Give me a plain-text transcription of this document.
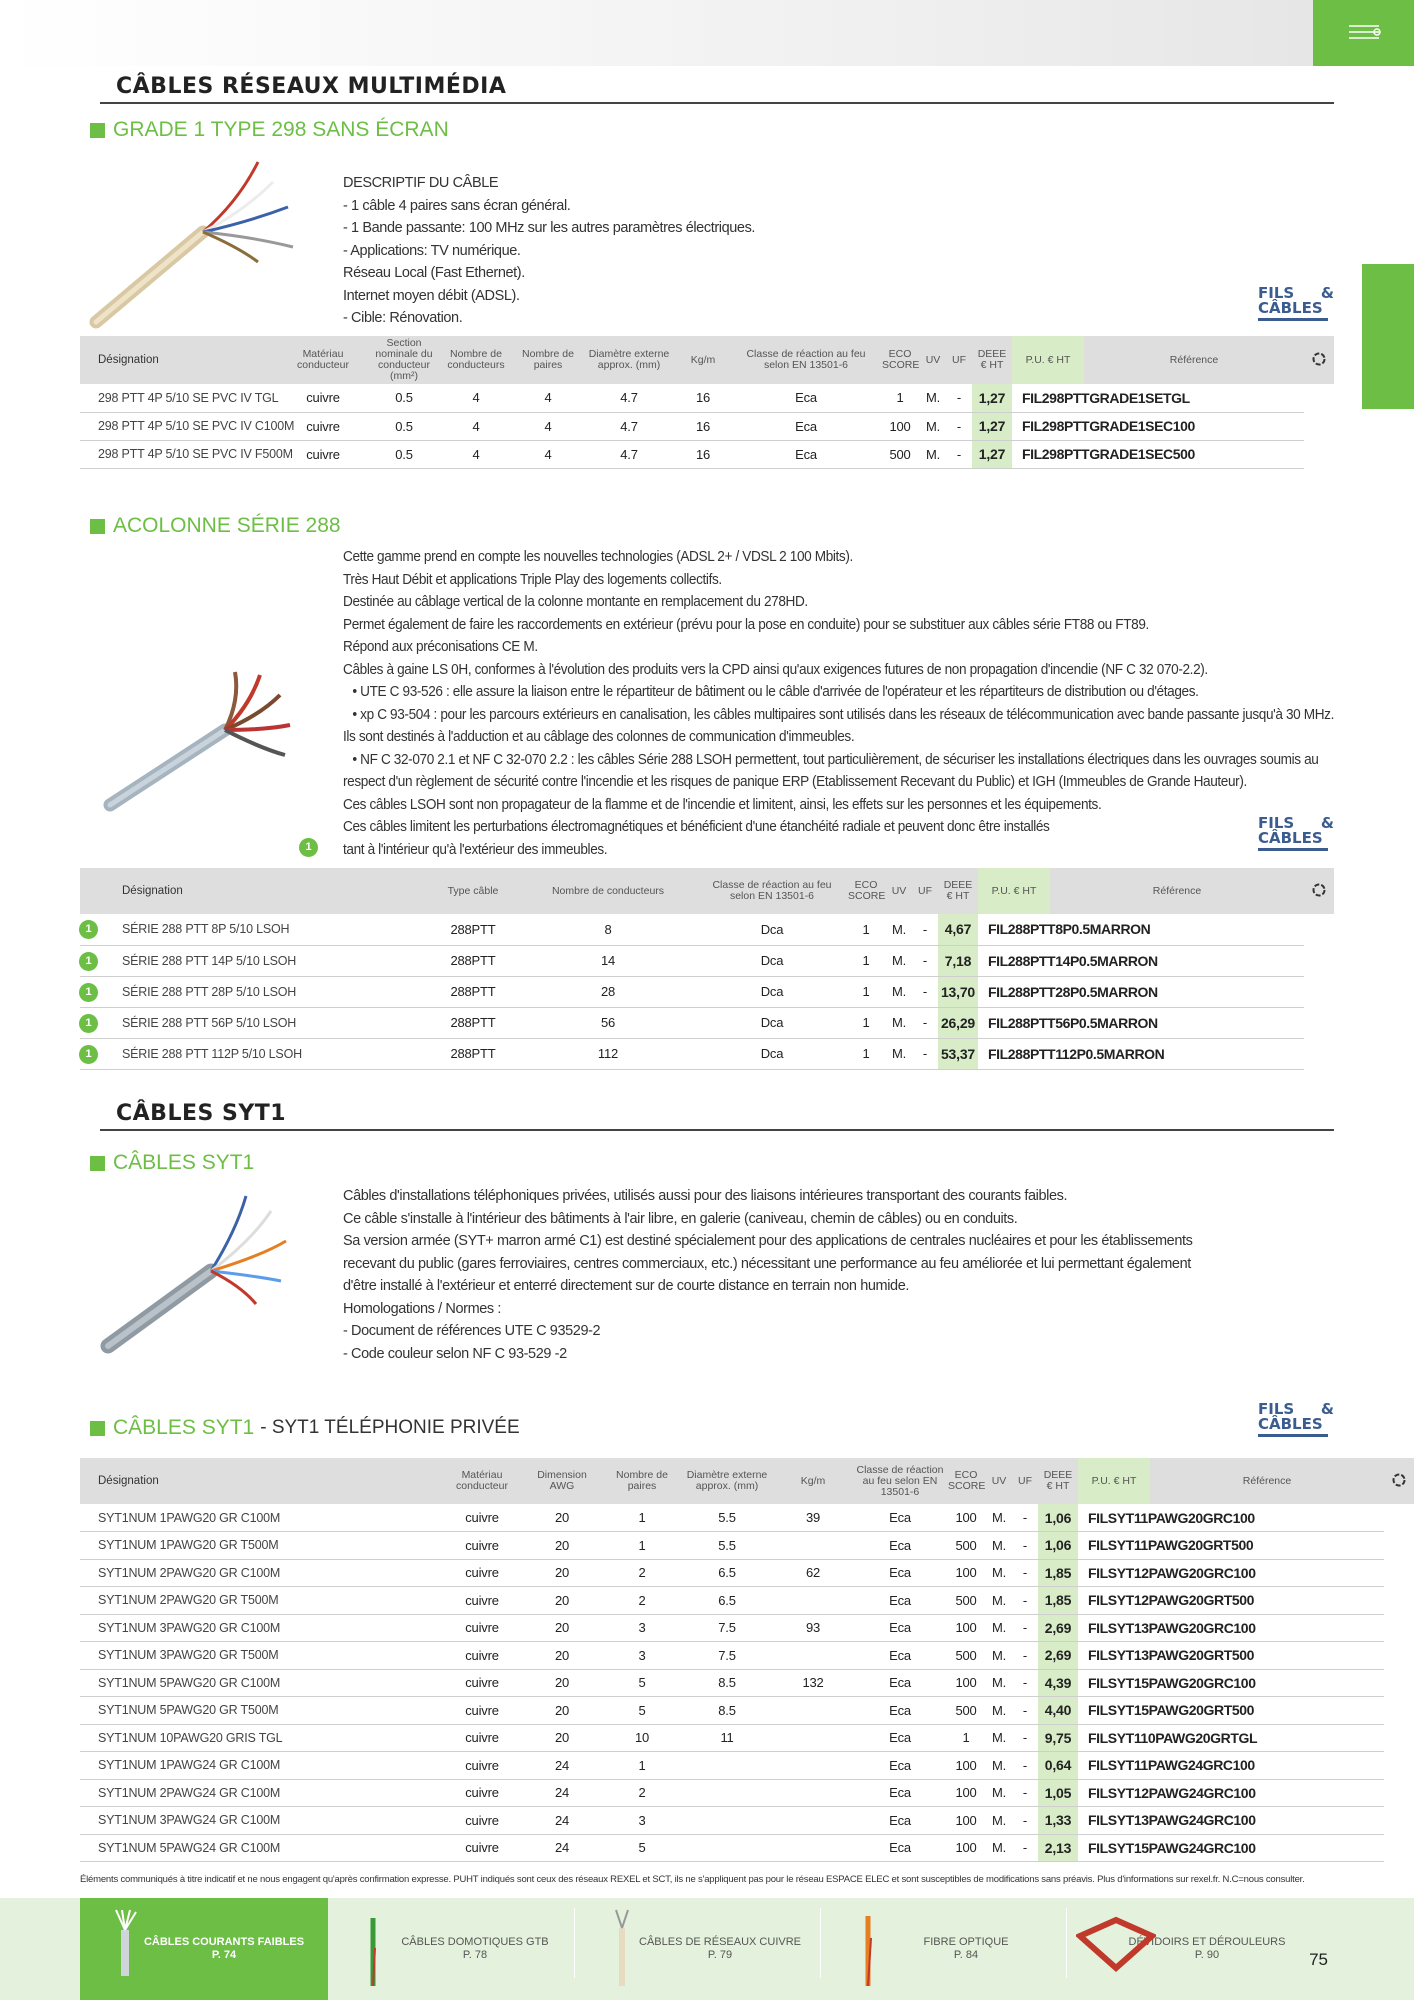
CÂBLES RÉSEAUX MULTIMÉDIA
GRADE 1 TYPE 298 SANS ÉCRAN
DESCRIPTIF DU CÂBLE
- 1 câble 4 paires sans écran général.
- 1 Bande passante: 100 MHz sur les autres paramètres électriques.
- Applications: TV numérique.
Réseau Local (Fast Ethernet).
Internet moyen débit (ADSL).
- Cible: Rénovation.
FILS &
CÂBLES
Désignation	Matériau conducteur	Section nominale du conducteur (mm²)	Nombre de conducteurs	Nombre de paires	Diamètre externe approx. (mm)	Kg/m	Classe de réaction au feu selon EN 13501-6	ECO SCORE	UV	UF	DEEE € HT	P.U. € HT	Référence	
298 PTT 4P 5/10 SE PVC IV TGL	cuivre	0.5	4	4	4.7	16	Eca	1	M.	-	1,27	FIL298PTTGRADE1SETGL		
298 PTT 4P 5/10 SE PVC IV C100M	cuivre	0.5	4	4	4.7	16	Eca	100	M.	-	1,27	FIL298PTTGRADE1SEC100		
298 PTT 4P 5/10 SE PVC IV F500M	cuivre	0.5	4	4	4.7	16	Eca	500	M.	-	1,27	FIL298PTTGRADE1SEC500		
ACOLONNE SÉRIE 288
Cette gamme prend en compte les nouvelles technologies (ADSL 2+ / VDSL 2 100 Mbits).
Très Haut Débit et applications Triple Play des logements collectifs.
Destinée au câblage vertical de la colonne montante en remplacement du 278HD.
Permet également de faire les raccordements en extérieur (prévu pour la pose en conduite) pour se substituer aux câbles série FT88 ou FT89.
Répond aux préconisations CE M.
Câbles à gaine LS 0H, conformes à l'évolution des produits vers la CPD ainsi qu'aux exigences futures de non propagation d'incendie (NF C 32 070-2.2).
• UTE C 93-526 : elle assure la liaison entre le répartiteur de bâtiment ou le câble d'arrivée de l'opérateur et les répartiteurs de distribution ou d'étages.
• xp C 93-504 : pour les parcours extérieurs en canalisation, les câbles multipaires sont utilisés dans les réseaux de télécommunication avec bande passante jusqu'à 30 MHz.
Ils sont destinés à l'adduction et au câblage des colonnes de communication d'immeubles.
• NF C 32-070 2.1 et NF C 32-070 2.2 : les câbles Série 288 LSOH permettent, tout particulièrement, de sécuriser les installations électriques dans les ouvrages soumis au
respect d'un règlement de sécurité contre l'incendie et les risques de panique ERP (Etablissement Recevant du Public) et IGH (Immeubles de Grande Hauteur).
Ces câbles LSOH sont non propagateur de la flamme et de l'incendie et limitent, ainsi, les effets sur les personnes et les équipements.
Ces câbles limitent les perturbations électromagnétiques et bénéficient d'une étanchéité radiale et peuvent donc être installés
tant à l'intérieur qu'à l'extérieur des immeubles.
1
FILS &
CÂBLES
Désignation	Type câble	Nombre de conducteurs	Classe de réaction au feu selon EN 13501-6	ECO SCORE	UV	UF	DEEE € HT	P.U. € HT	Référence	

1 SÉRIE 288 PTT 8P 5/10 LSOH	288PTT	8	Dca	1	M.	-	4,67	FIL288PTT8P0.5MARRON		

1 SÉRIE 288 PTT 14P 5/10 LSOH	288PTT	14	Dca	1	M.	-	7,18	FIL288PTT14P0.5MARRON		

1 SÉRIE 288 PTT 28P 5/10 LSOH	288PTT	28	Dca	1	M.	-	13,70	FIL288PTT28P0.5MARRON		

1 SÉRIE 288 PTT 56P 5/10 LSOH	288PTT	56	Dca	1	M.	-	26,29	FIL288PTT56P0.5MARRON		

1 SÉRIE 288 PTT 112P 5/10 LSOH	288PTT	112	Dca	1	M.	-	53,37	FIL288PTT112P0.5MARRON		
CÂBLES SYT1
CÂBLES SYT1
Câbles d'installations téléphoniques privées, utilisés aussi pour des liaisons intérieures transportant des courants faibles.
Ce câble s'installe à l'intérieur des bâtiments à l'air libre, en galerie (caniveau, chemin de câbles) ou en conduits.
Sa version armée (SYT+ marron armé C1) est destiné spécialement pour des applications de centrales nucléaires et pour les établissements
recevant du public (gares ferroviaires, centres commerciaux, etc.) nécessitant une performance au feu améliorée et lui permettant également
d'être installé à l'extérieur et enterré directement sur de courte distance en terrain non humide.
Homologations / Normes :
- Document de références UTE C 93529-2
- Code couleur selon NF C 93-529 -2
CÂBLES SYT1 - SYT1 TÉLÉPHONIE PRIVÉE
FILS &
CÂBLES
Désignation	Matériau conducteur	Dimension AWG	Nombre de paires	Diamètre externe approx. (mm)	Kg/m	Classe de réaction au feu selon EN 13501-6	ECO SCORE	UV	UF	DEEE € HT	P.U. € HT	Référence	
SYT1NUM 1PAWG20 GR C100M	cuivre	20	1	5.5	39	Eca	100	M.	-	1,06	FILSYT11PAWG20GRC100		
SYT1NUM 1PAWG20 GR T500M	cuivre	20	1	5.5		Eca	500	M.	-	1,06	FILSYT11PAWG20GRT500		
SYT1NUM 2PAWG20 GR C100M	cuivre	20	2	6.5	62	Eca	100	M.	-	1,85	FILSYT12PAWG20GRC100		
SYT1NUM 2PAWG20 GR T500M	cuivre	20	2	6.5		Eca	500	M.	-	1,85	FILSYT12PAWG20GRT500		
SYT1NUM 3PAWG20 GR C100M	cuivre	20	3	7.5	93	Eca	100	M.	-	2,69	FILSYT13PAWG20GRC100		
SYT1NUM 3PAWG20 GR T500M	cuivre	20	3	7.5		Eca	500	M.	-	2,69	FILSYT13PAWG20GRT500		
SYT1NUM 5PAWG20 GR C100M	cuivre	20	5	8.5	132	Eca	100	M.	-	4,39	FILSYT15PAWG20GRC100		
SYT1NUM 5PAWG20 GR T500M	cuivre	20	5	8.5		Eca	500	M.	-	4,40	FILSYT15PAWG20GRT500		
SYT1NUM 10PAWG20 GRIS TGL	cuivre	20	10	11		Eca	1	M.	-	9,75	FILSYT110PAWG20GRTGL		
SYT1NUM 1PAWG24 GR C100M	cuivre	24	1			Eca	100	M.	-	0,64	FILSYT11PAWG24GRC100		
SYT1NUM 2PAWG24 GR C100M	cuivre	24	2			Eca	100	M.	-	1,05	FILSYT12PAWG24GRC100		
SYT1NUM 3PAWG24 GR C100M	cuivre	24	3			Eca	100	M.	-	1,33	FILSYT13PAWG24GRC100		
SYT1NUM 5PAWG24 GR C100M	cuivre	24	5			Eca	100	M.	-	2,13	FILSYT15PAWG24GRC100		
Éléments communiqués à titre indicatif et ne nous engagent qu'après confirmation expresse. PUHT indiqués sont ceux des réseaux REXEL et SCT, ils ne s'appliquent pas pour le réseau ESPACE ELEC et sont susceptibles de modifications sans préavis. Plus d'informations sur rexel.fr. N.C=nous consulter.
CÂBLES COURANTS FAIBLES
P. 74
CÂBLES DOMOTIQUES GTB
P. 78
CÂBLES DE RÉSEAUX CUIVRE
P. 79
FIBRE OPTIQUE
P. 84
DÉVIDOIRS ET DÉROULEURS
P. 90	75
